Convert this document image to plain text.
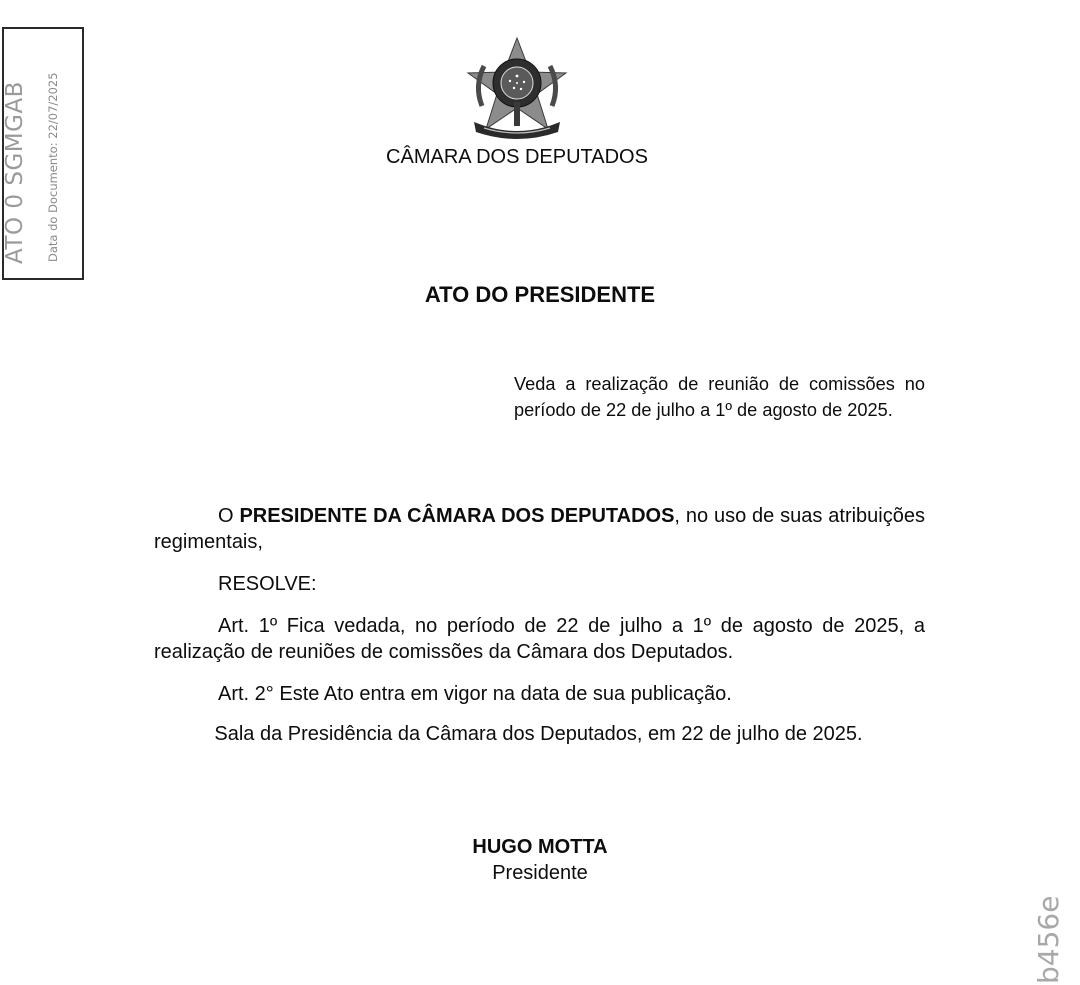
ATO 0 SGMGAB Data do Documento: 22/07/2025	CÂMARA DOS DEPUTADOS
ATO DO PRESIDENTE
Veda a realização de reunião de comissões no período de 22 de julho a 1º de agosto de 2025.
O PRESIDENTE DA CÂMARA DOS DEPUTADOS, no uso de suas atribuições regimentais,
RESOLVE:
Art. 1º Fica vedada, no período de 22 de julho a 1º de agosto de 2025, a realização de reuniões de comissões da Câmara dos Deputados.
Art. 2° Este Ato entra em vigor na data de sua publicação.
Sala da Presidência da Câmara dos Deputados, em 22 de julho de 2025.
HUGO MOTTA
Presidente
b456e
